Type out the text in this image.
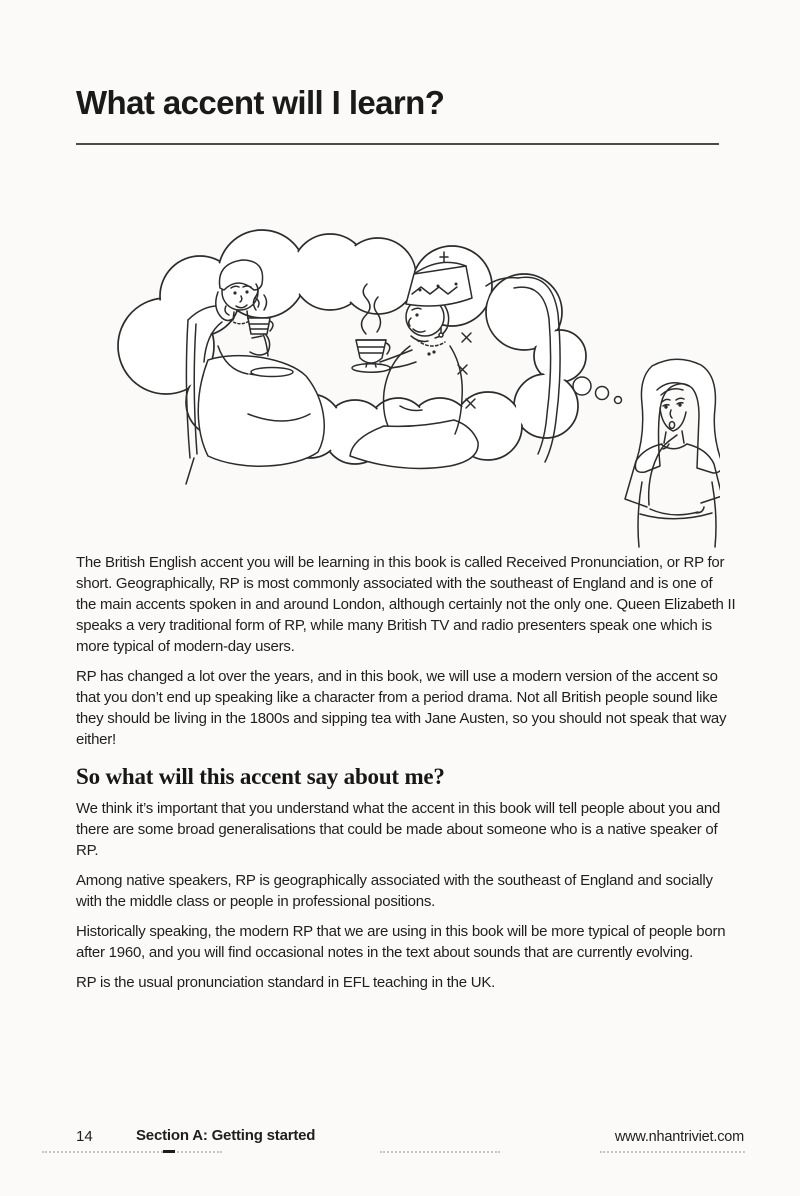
What accent will I learn?

The British English accent you will be learning in this book is called Received Pronunciation, or RP for short. Geographically, RP is most commonly associated with the southeast of England and is one of the main accents spoken in and around London, although certainly not the only one. Queen Elizabeth II speaks a very traditional form of RP, while many British TV and radio presenters speak one which is more typical of modern-day users.

RP has changed a lot over the years, and in this book, we will use a modern version of the accent so that you don’t end up speaking like a character from a period drama. Not all British people sound like they should be living in the 1800s and sipping tea with Jane Austen, so you should not speak that way either!

So what will this accent say about me?

We think it’s important that you understand what the accent in this book will tell people about you and there are some broad generalisations that could be made about someone who is a native speaker of RP.

Among native speakers, RP is geographically associated with the southeast of England and socially with the middle class or people in professional positions.

Historically speaking, the modern RP that we are using in this book will be more typical of people born after 1960, and you will find occasional notes in the text about sounds that are currently evolving.

RP is the usual pronunciation standard in EFL teaching in the UK.

14	Section A: Getting started	www.nhantriviet.com
